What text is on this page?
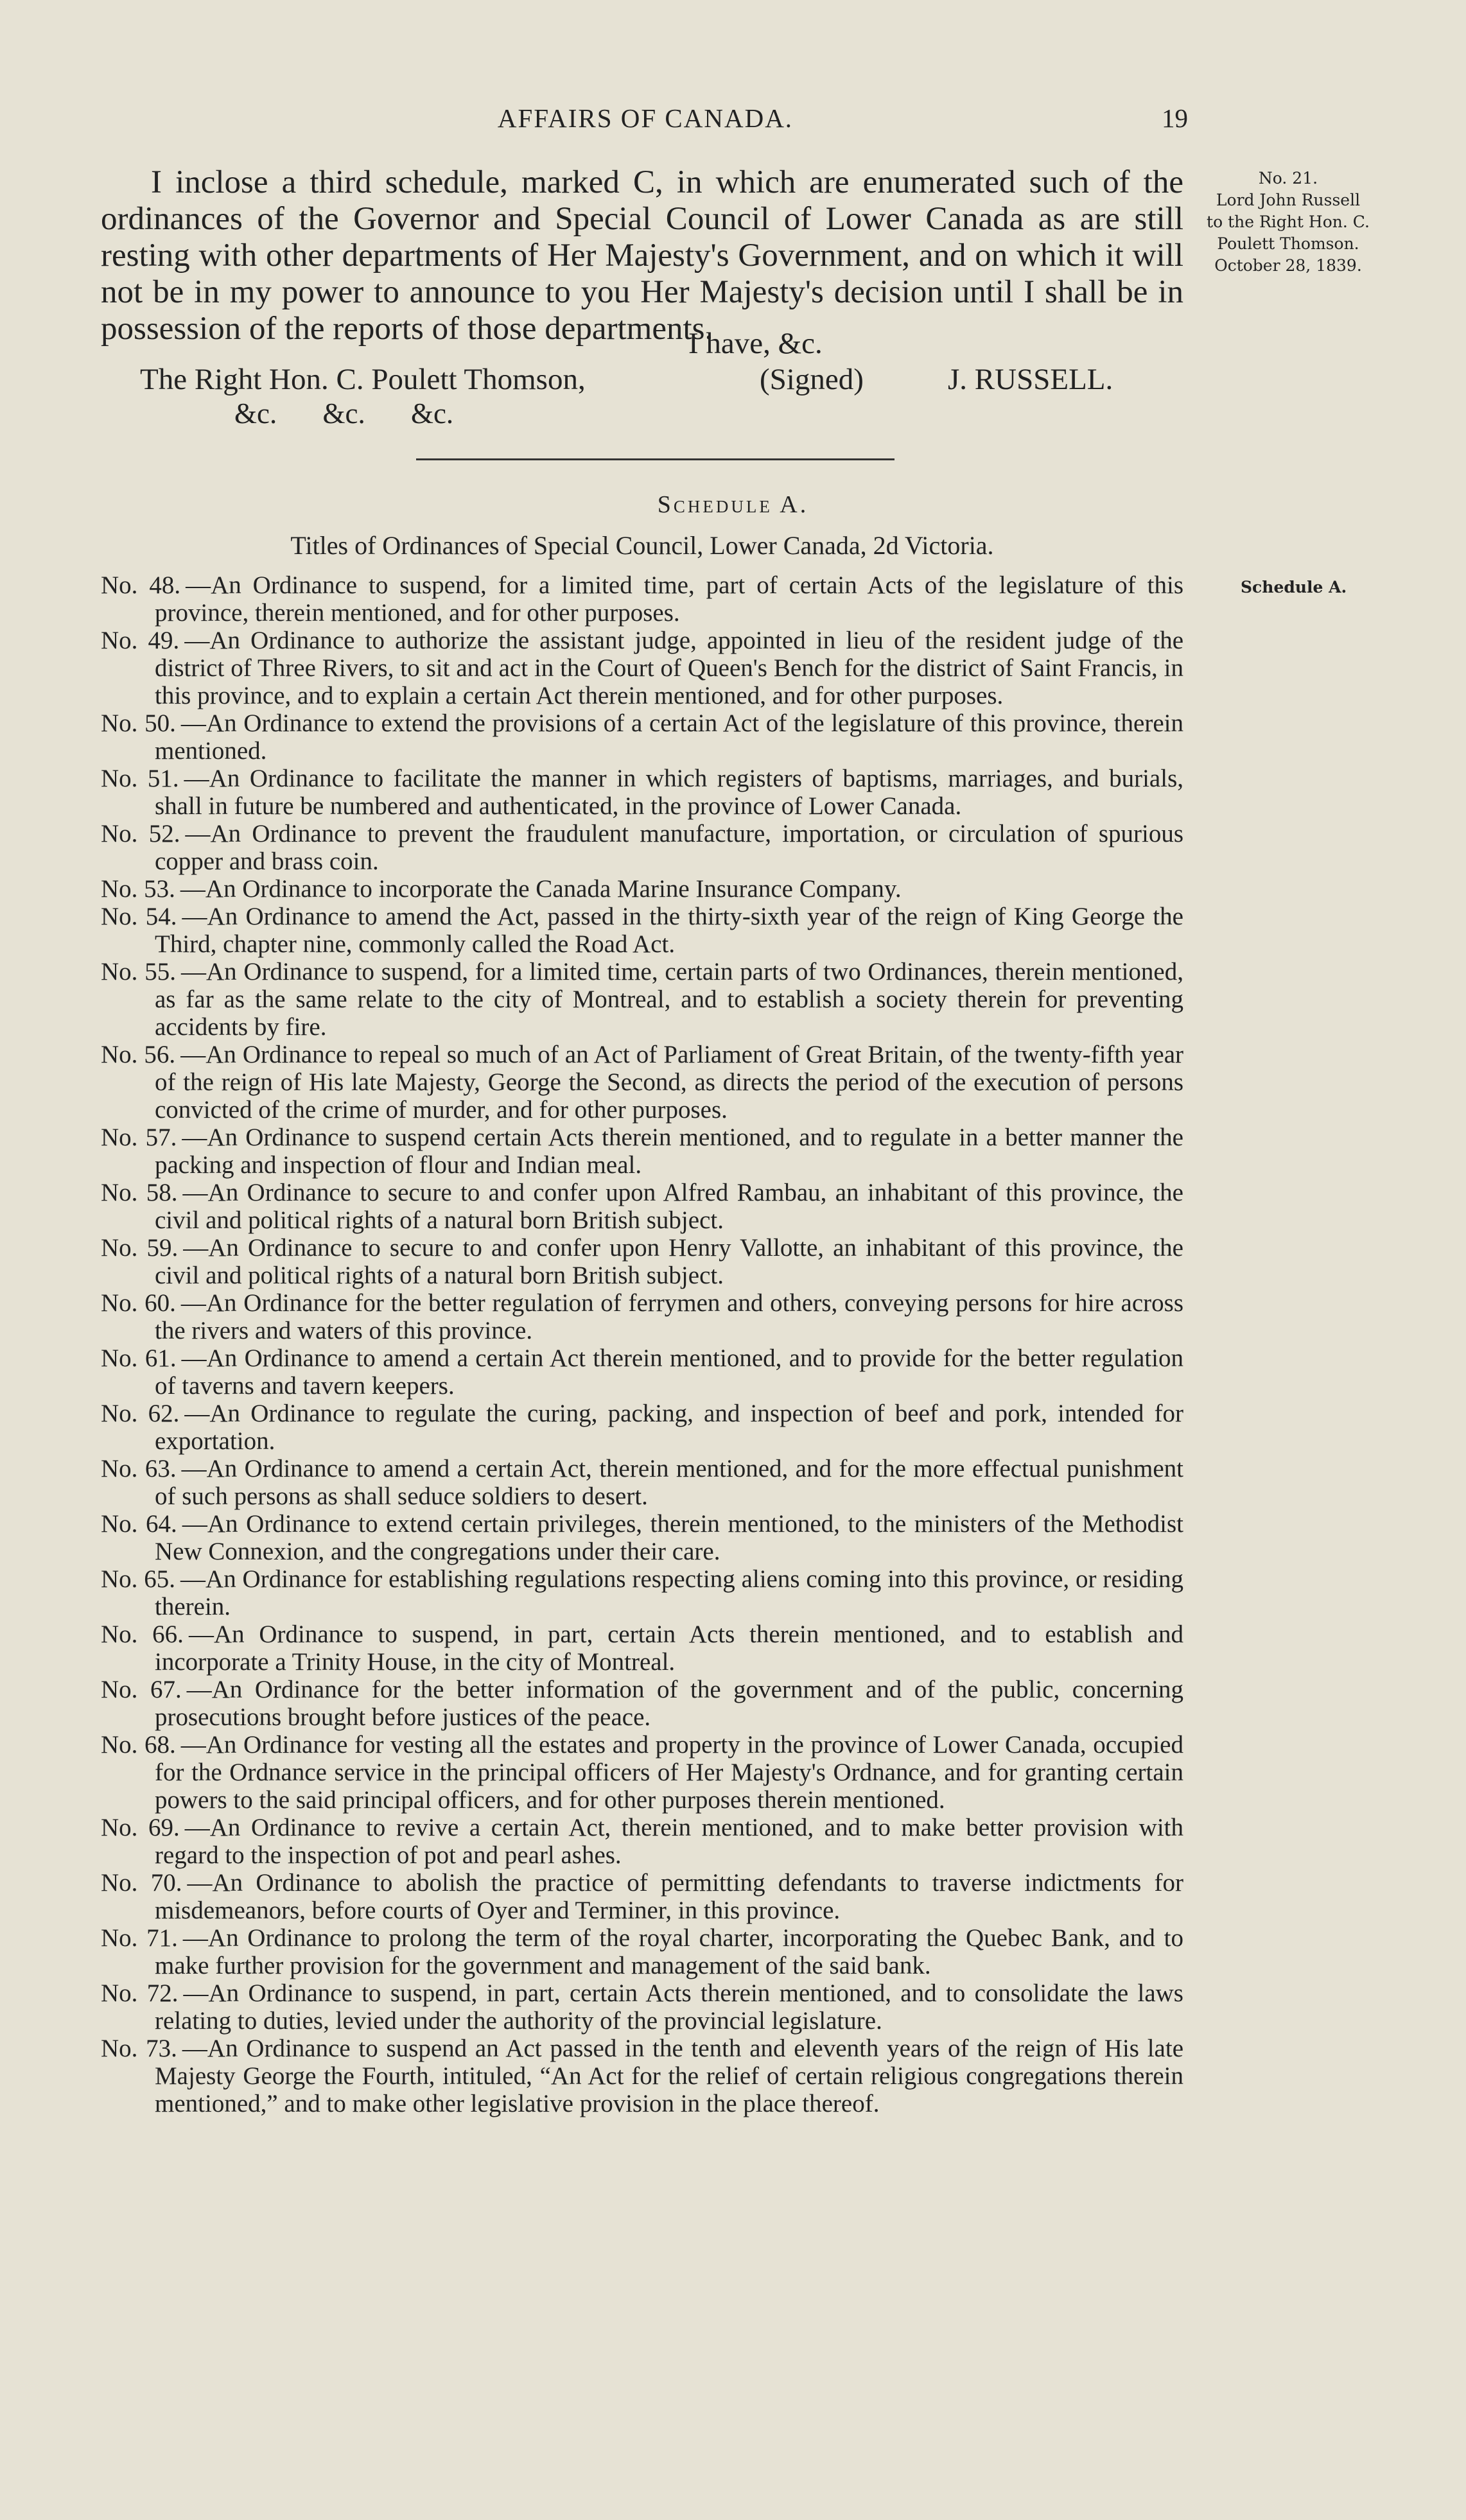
AFFAIRS OF CANADA.	19
No. 21.
Lord John Russell
to the Right Hon. C.
Poulett Thomson.
October 28, 1839.

I inclose a third schedule, marked C, in which are enumerated such of the ordinances of the Governor and Special Council of Lower Canada as are still resting with other departments of Her Majesty's Government, and on which it will not be in my power to announce to you Her Majesty's decision until I shall be in possession of the reports of those departments.

I have, &c.
The Right Hon. C. Poulett Thomson,	(Signed)	J. RUSSELL.
&c. &c. &c.
Schedule A.
Titles of Ordinances of Special Council, Lower Canada, 2d Victoria.
Schedule A.
No. 48. —An Ordinance to suspend, for a limited time, part of certain Acts of the legislature of this province, therein mentioned, and for other purposes.
No. 49. —An Ordinance to authorize the assistant judge, appointed in lieu of the resident judge of the district of Three Rivers, to sit and act in the Court of Queen's Bench for the district of Saint Francis, in this province, and to explain a certain Act therein mentioned, and for other purposes.
No. 50. —An Ordinance to extend the provisions of a certain Act of the legislature of this province, therein mentioned.
No. 51. —An Ordinance to facilitate the manner in which registers of baptisms, marriages, and burials, shall in future be numbered and authenticated, in the province of Lower Canada.
No. 52. —An Ordinance to prevent the fraudulent manufacture, importation, or circulation of spurious copper and brass coin.
No. 53. —An Ordinance to incorporate the Canada Marine Insurance Company.
No. 54. —An Ordinance to amend the Act, passed in the thirty-sixth year of the reign of King George the Third, chapter nine, commonly called the Road Act.
No. 55. —An Ordinance to suspend, for a limited time, certain parts of two Ordinances, therein mentioned, as far as the same relate to the city of Montreal, and to establish a society therein for preventing accidents by fire.
No. 56. —An Ordinance to repeal so much of an Act of Parliament of Great Britain, of the twenty-fifth year of the reign of His late Majesty, George the Second, as directs the period of the execution of persons convicted of the crime of murder, and for other purposes.
No. 57. —An Ordinance to suspend certain Acts therein mentioned, and to regulate in a better manner the packing and inspection of flour and Indian meal.
No. 58. —An Ordinance to secure to and confer upon Alfred Rambau, an inhabitant of this province, the civil and political rights of a natural born British subject.
No. 59. —An Ordinance to secure to and confer upon Henry Vallotte, an inhabitant of this province, the civil and political rights of a natural born British subject.
No. 60. —An Ordinance for the better regulation of ferrymen and others, conveying persons for hire across the rivers and waters of this province.
No. 61. —An Ordinance to amend a certain Act therein mentioned, and to provide for the better regulation of taverns and tavern keepers.
No. 62. —An Ordinance to regulate the curing, packing, and inspection of beef and pork, intended for exportation.
No. 63. —An Ordinance to amend a certain Act, therein mentioned, and for the more effectual punishment of such persons as shall seduce soldiers to desert.
No. 64. —An Ordinance to extend certain privileges, therein mentioned, to the ministers of the Methodist New Connexion, and the congregations under their care.
No. 65. —An Ordinance for establishing regulations respecting aliens coming into this province, or residing therein.
No. 66. —An Ordinance to suspend, in part, certain Acts therein mentioned, and to establish and incorporate a Trinity House, in the city of Montreal.
No. 67. —An Ordinance for the better information of the government and of the public, concerning prosecutions brought before justices of the peace.
No. 68. —An Ordinance for vesting all the estates and property in the province of Lower Canada, occupied for the Ordnance service in the principal officers of Her Majesty's Ordnance, and for granting certain powers to the said principal officers, and for other purposes therein mentioned.
No. 69. —An Ordinance to revive a certain Act, therein mentioned, and to make better provision with regard to the inspection of pot and pearl ashes.
No. 70. —An Ordinance to abolish the practice of permitting defendants to traverse indictments for misdemeanors, before courts of Oyer and Terminer, in this province.
No. 71. —An Ordinance to prolong the term of the royal charter, incorporating the Quebec Bank, and to make further provision for the government and management of the said bank.
No. 72. —An Ordinance to suspend, in part, certain Acts therein mentioned, and to consolidate the laws relating to duties, levied under the authority of the provincial legislature.
No. 73. —An Ordinance to suspend an Act passed in the tenth and eleventh years of the reign of His late Majesty George the Fourth, intituled, “An Act for the relief of certain religious congregations therein mentioned,” and to make other legislative provision in the place thereof.
